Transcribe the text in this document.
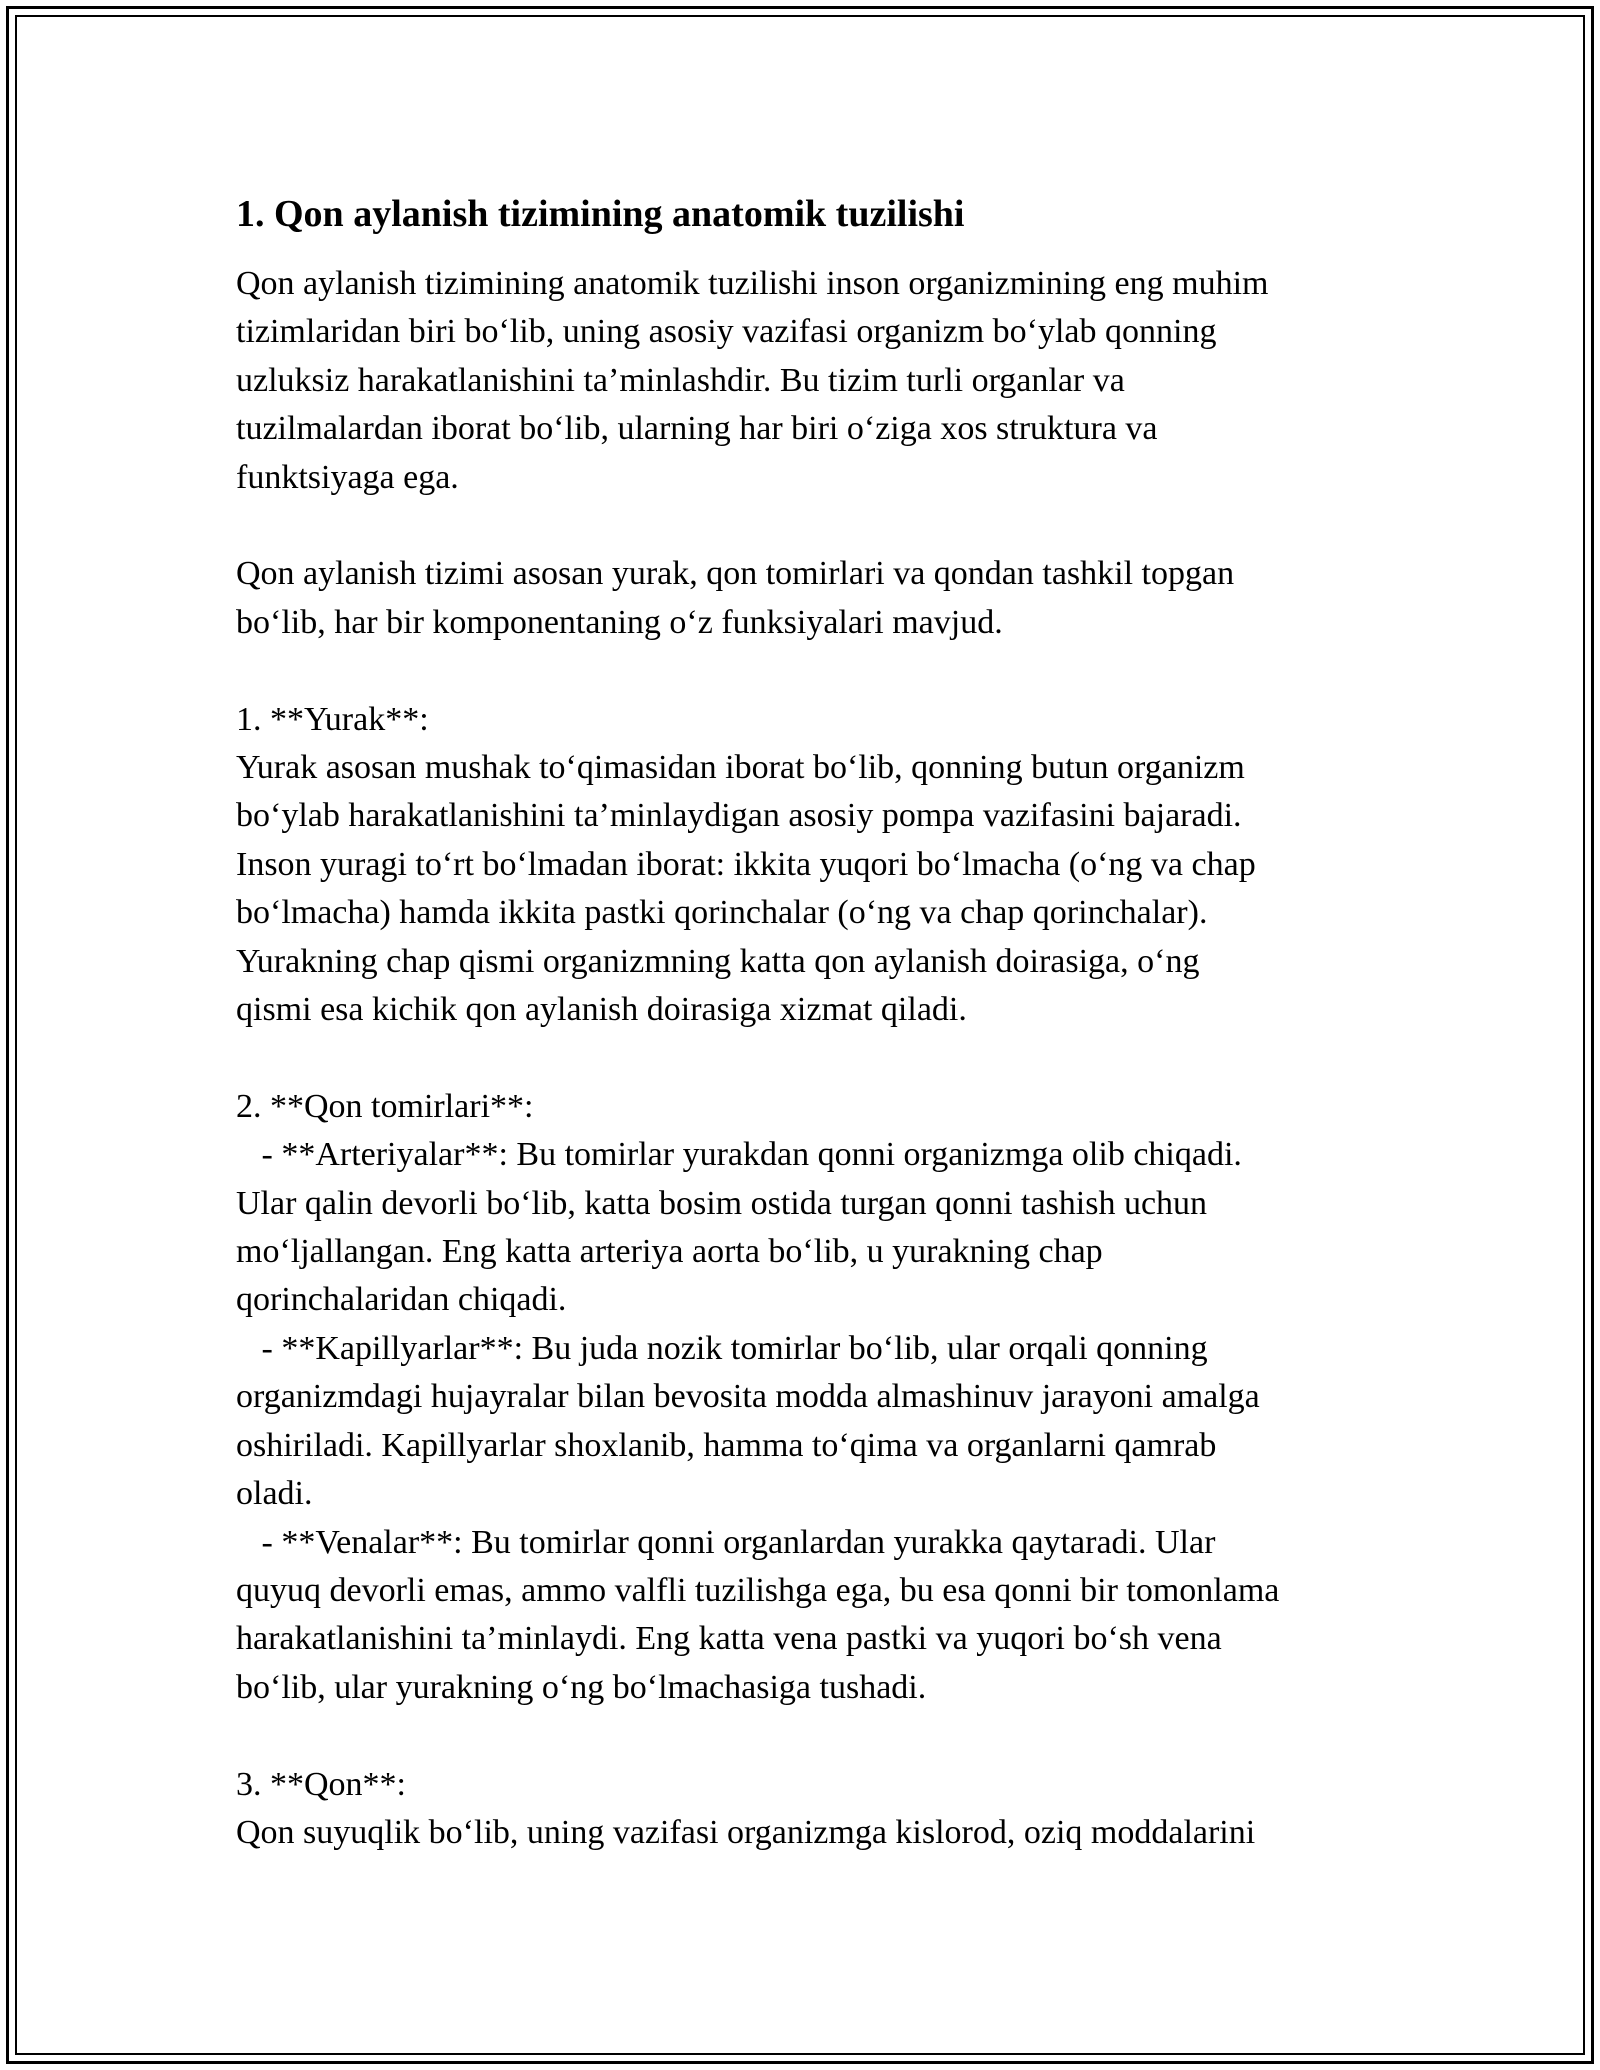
1. Qon aylanish tizimining anatomik tuzilishi
Qon aylanish tizimining anatomik tuzilishi inson organizmining eng muhim
tizimlaridan biri bo‘lib, uning asosiy vazifasi organizm bo‘ylab qonning
uzluksiz harakatlanishini ta’minlashdir. Bu tizim turli organlar va
tuzilmalardan iborat bo‘lib, ularning har biri o‘ziga xos struktura va
funktsiyaga ega.
Qon aylanish tizimi asosan yurak, qon tomirlari va qondan tashkil topgan
bo‘lib, har bir komponentaning o‘z funksiyalari mavjud.
1. **Yurak**:
Yurak asosan mushak to‘qimasidan iborat bo‘lib, qonning butun organizm
bo‘ylab harakatlanishini ta’minlaydigan asosiy pompa vazifasini bajaradi.
Inson yuragi to‘rt bo‘lmadan iborat: ikkita yuqori bo‘lmacha (o‘ng va chap
bo‘lmacha) hamda ikkita pastki qorinchalar (o‘ng va chap qorinchalar).
Yurakning chap qismi organizmning katta qon aylanish doirasiga, o‘ng
qismi esa kichik qon aylanish doirasiga xizmat qiladi.
2. **Qon tomirlari**:
- **Arteriyalar**: Bu tomirlar yurakdan qonni organizmga olib chiqadi.
Ular qalin devorli bo‘lib, katta bosim ostida turgan qonni tashish uchun
mo‘ljallangan. Eng katta arteriya aorta bo‘lib, u yurakning chap
qorinchalaridan chiqadi.
- **Kapillyarlar**: Bu juda nozik tomirlar bo‘lib, ular orqali qonning
organizmdagi hujayralar bilan bevosita modda almashinuv jarayoni amalga
oshiriladi. Kapillyarlar shoxlanib, hamma to‘qima va organlarni qamrab
oladi.
- **Venalar**: Bu tomirlar qonni organlardan yurakka qaytaradi. Ular
quyuq devorli emas, ammo valfli tuzilishga ega, bu esa qonni bir tomonlama
harakatlanishini ta’minlaydi. Eng katta vena pastki va yuqori bo‘sh vena
bo‘lib, ular yurakning o‘ng bo‘lmachasiga tushadi.
3. **Qon**:
Qon suyuqlik bo‘lib, uning vazifasi organizmga kislorod, oziq moddalarini
